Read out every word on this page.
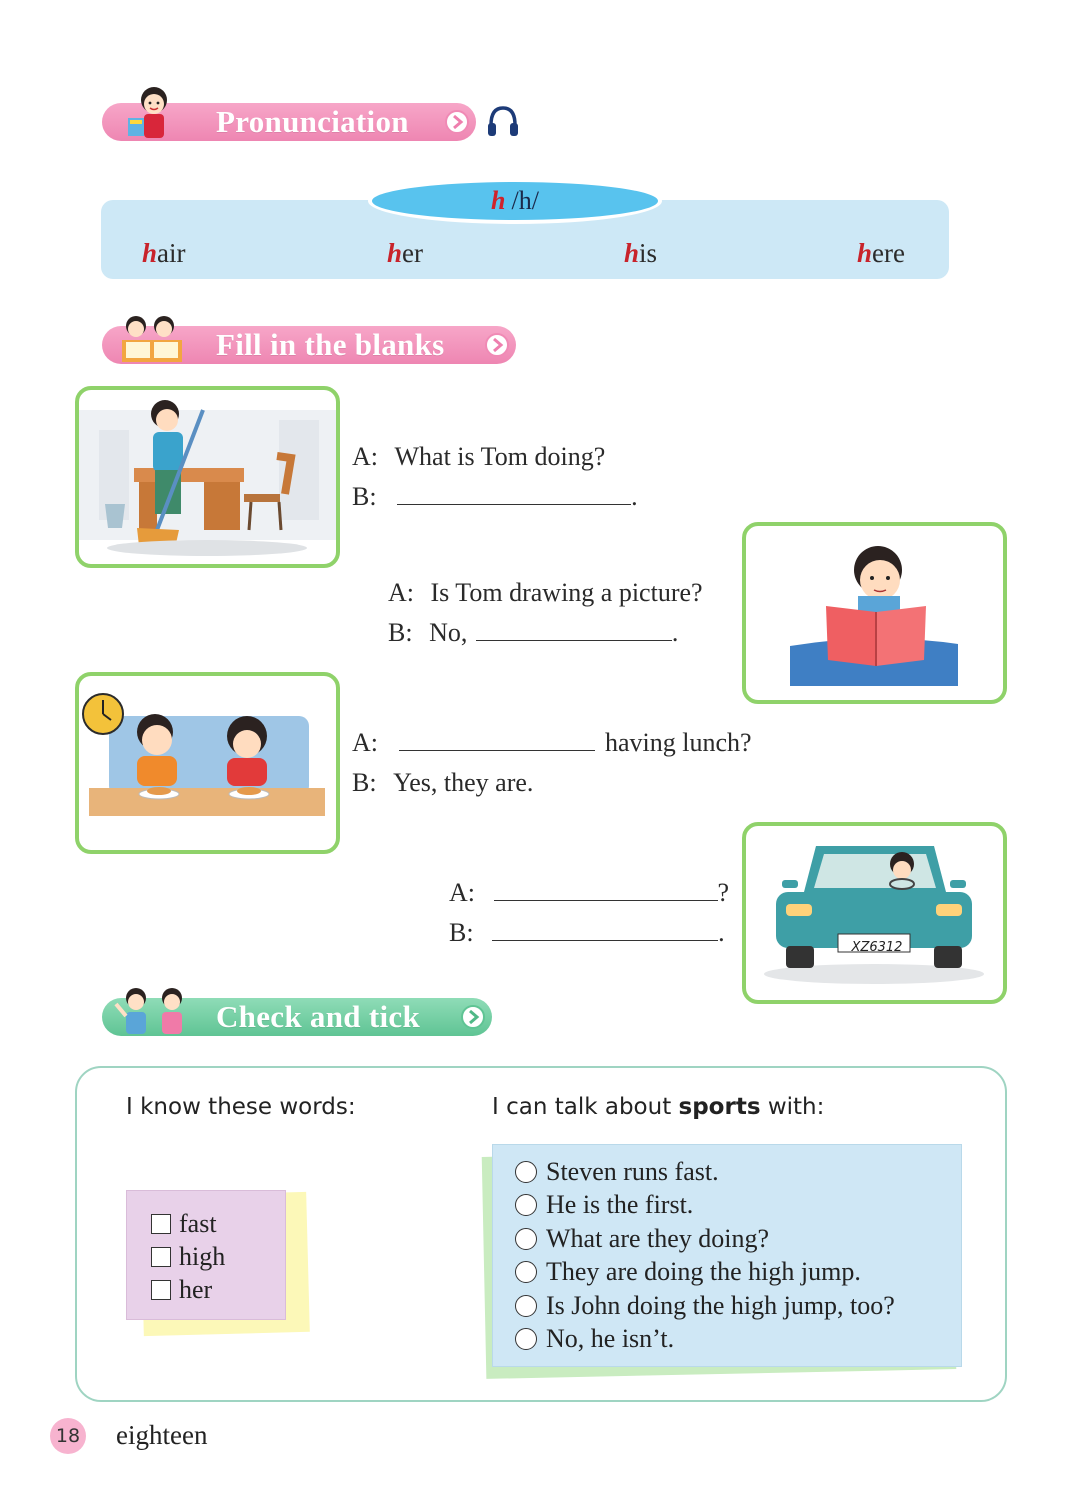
Pronunciation
h /h/
hair	her	his	here
Fill in the blanks
A: What is Tom doing?
B:	.
A: Is Tom drawing a picture?
B: No,	.
A:	having lunch?
B: Yes, they are.
XZ6312
A:	?
B:	.
Check and tick
I know these words:	I can talk about sports with:
fast
high
her
Steven runs fast.
He is the first.
What are they doing?
They are doing the high jump.
Is John doing the high jump, too?
No, he isn’t.
18 eighteen
